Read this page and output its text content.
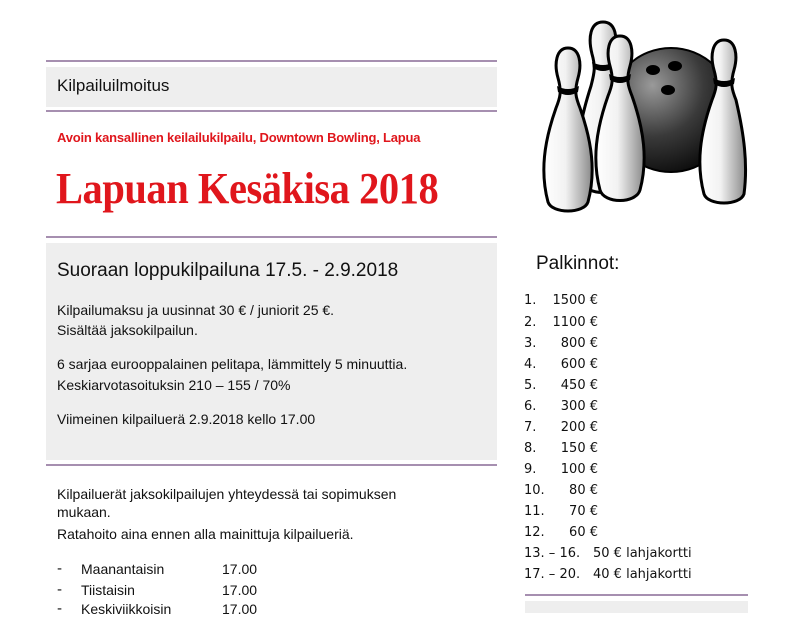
Kilpailuilmoitus
Avoin kansallinen keilailukilpailu, Downtown Bowling, Lapua
Lapuan Kesäkisa 2018
Suoraan loppukilpailuna 17.5. - 2.9.2018
Kilpailumaksu ja uusinnat 30 € / juniorit 25 €.
Sisältää jaksokilpailun.
6 sarjaa eurooppalainen pelitapa, lämmittely 5 minuuttia.
Keskiarvotasoituksin 210 – 155 / 70%
Viimeinen kilpailuerä 2.9.2018 kello 17.00
Kilpailuerät jaksokilpailujen yhteydessä tai sopimuksen
mukaan.
Ratahoito aina ennen alla mainittuja kilpailueriä.
- Maanantaisin	17.00
- Tiistaisin	17.00
- Keskiviikkoisin	17.00
Palkinnot:
1.	1500 €
2.	1100 €
3.	800 €
4.	600 €
5.	450 €
6.	300 €
7.	200 €
8.	150 €
9.	100 €
10.	80 €
11.	70 €
12.	60 €
13. – 16. 50 € lahjakortti
17. – 20. 40 € lahjakortti
